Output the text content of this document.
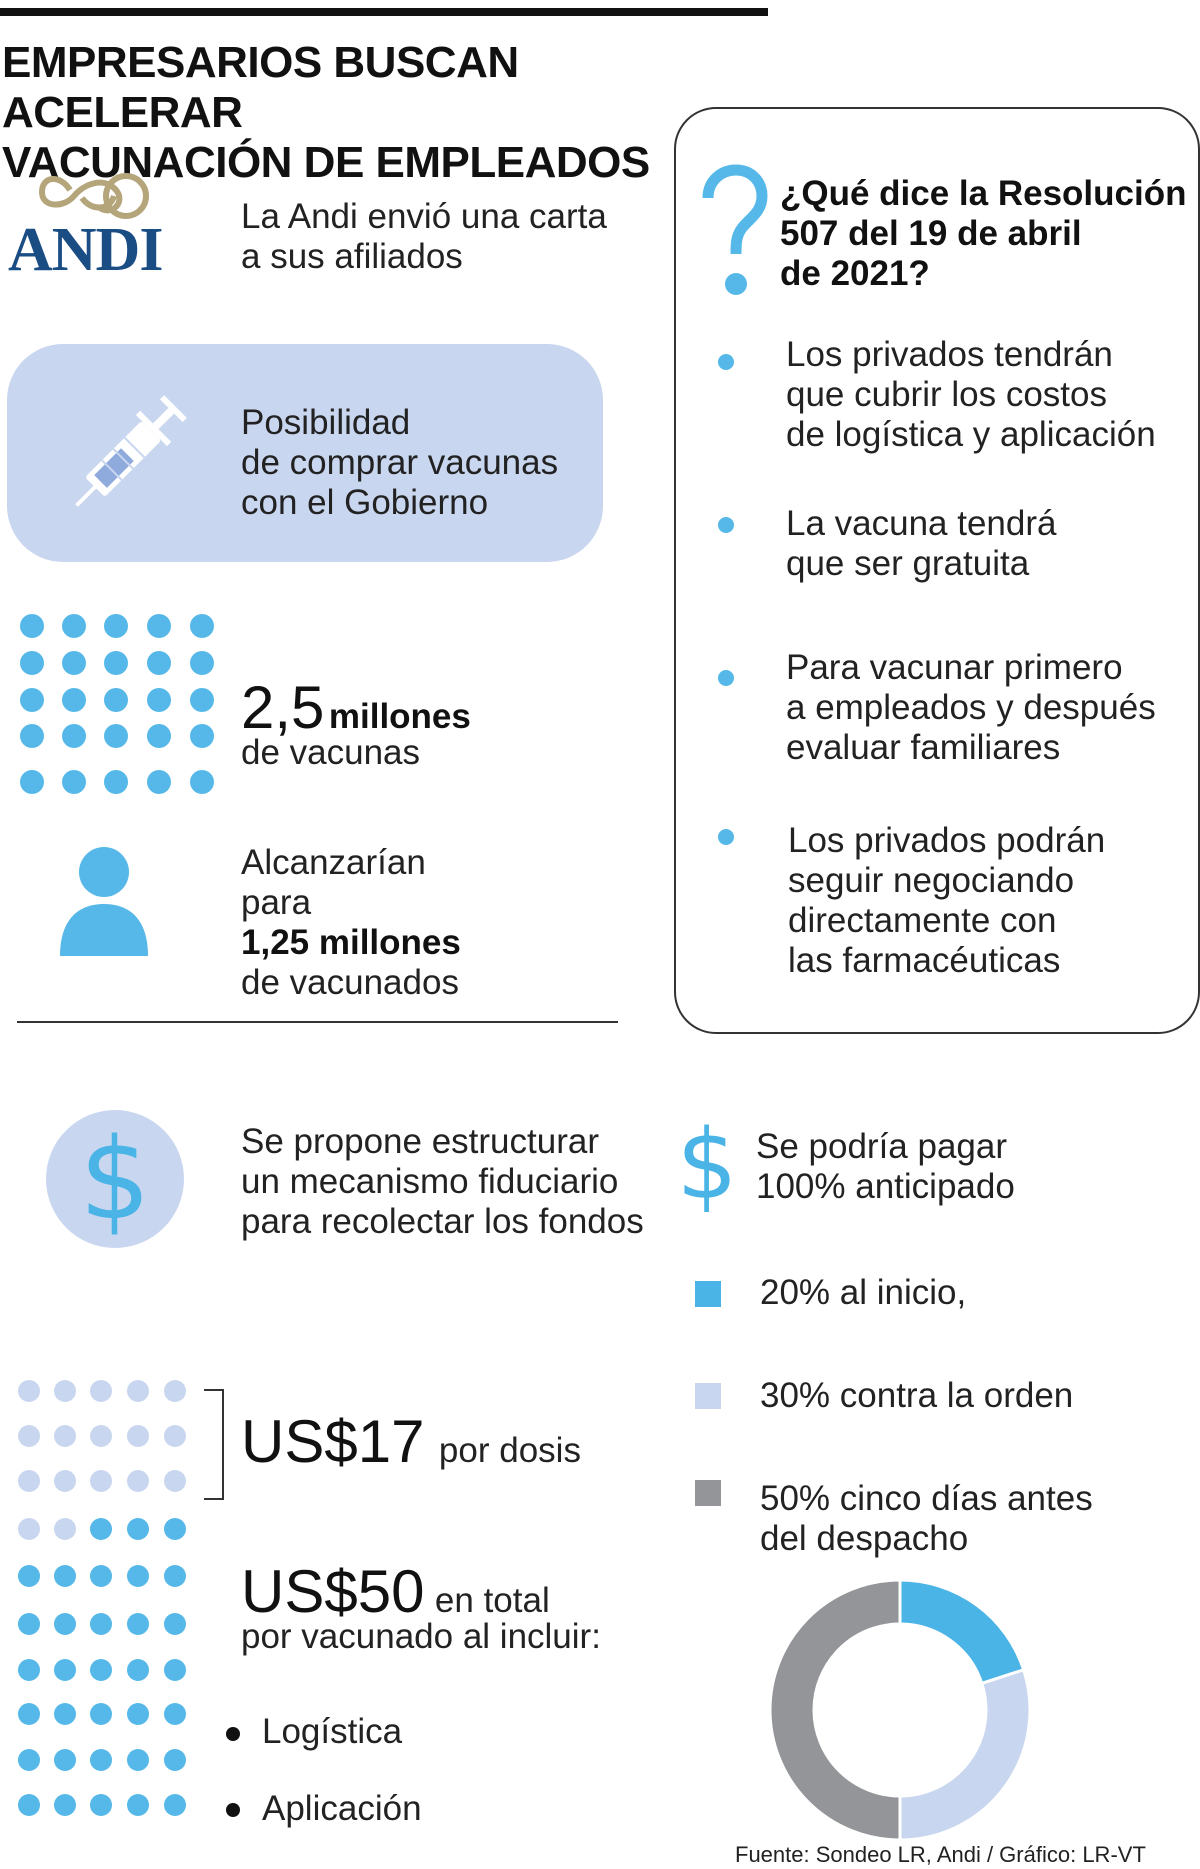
EMPRESARIOS BUSCAN ACELERAR
VACUNACIÓN DE EMPLEADOS
ANDI La Andi envió una carta
a sus afiliados
Posibilidad
de comprar vacunas
con el Gobierno
2,5 millones
de vacunas
Alcanzarían
para
1,25 millones
de vacunados
¿Qué dice la Resolución
507 del 19 de abril
de 2021?
Los privados tendrán
que cubrir los costos
de logística y aplicación
La vacuna tendrá
que ser gratuita
Para vacunar primero
a empleados y después
evaluar familiares
Los privados podrán
seguir negociando
directamente con
las farmacéuticas
$	Se propone estructurar
un mecanismo fiduciario
para recolectar los fondos
$ Se podría pagar
100% anticipado
20% al inicio,
30% contra la orden
50% cinco días antes
del despacho
US$17 por dosis
US$50 en total
por vacunado al incluir:
Logística
Aplicación
Fuente: Sondeo LR, Andi / Gráfico: LR-VT
